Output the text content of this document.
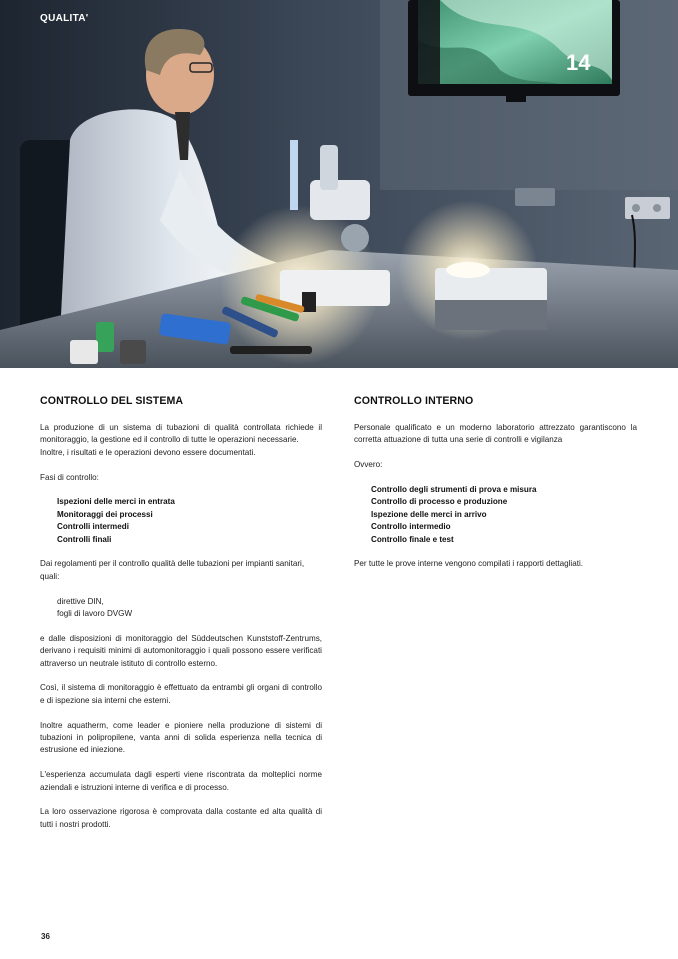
14
QUALITA'
CONTROLLO DEL SISTEMA

La produzione di un sistema di tubazioni di qualità controllata richiede il monitoraggio, la gestione ed il controllo di tutte le operazioni necessarie.
Inoltre, i risultati e le operazioni devono essere documentati.

Fasi di controllo:

Ispezioni delle merci in entrata
Monitoraggi dei processi
Controlli intermedi
Controlli finali

Dai regolamenti per il controllo qualità delle tubazioni per impianti sanitari, quali:

direttive DIN,
fogli di lavoro DVGW

e dalle disposizioni di monitoraggio del Süddeutschen Kunststoff-Zentrums, derivano i requisiti minimi di automonitoraggio i quali possono essere verificati attraverso un neutrale istituto di controllo esterno.

Così, il sistema di monitoraggio è effettuato da entrambi gli organi di controllo e di ispezione sia interni che esterni.

Inoltre aquatherm, come leader e pioniere nella produzione di sistemi di tubazioni in polipropilene, vanta anni di solida esperienza nella tecnica di estrusione ed iniezione.

L'esperienza accumulata dagli esperti viene riscontrata da molteplici norme aziendali e istruzioni interne di verifica e di processo.

La loro osservazione rigorosa è comprovata dalla costante ed alta qualità di tutti i nostri prodotti.

CONTROLLO INTERNO

Personale qualificato e un moderno laboratorio attrezzato garantiscono la corretta attuazione di tutta una serie di controlli e vigilanza

Ovvero:

Controllo degli strumenti di prova e misura
Controllo di processo e produzione
Ispezione delle merci in arrivo
Controllo intermedio
Controllo finale e test

Per tutte le prove interne vengono compilati i rapporti dettagliati.

36
